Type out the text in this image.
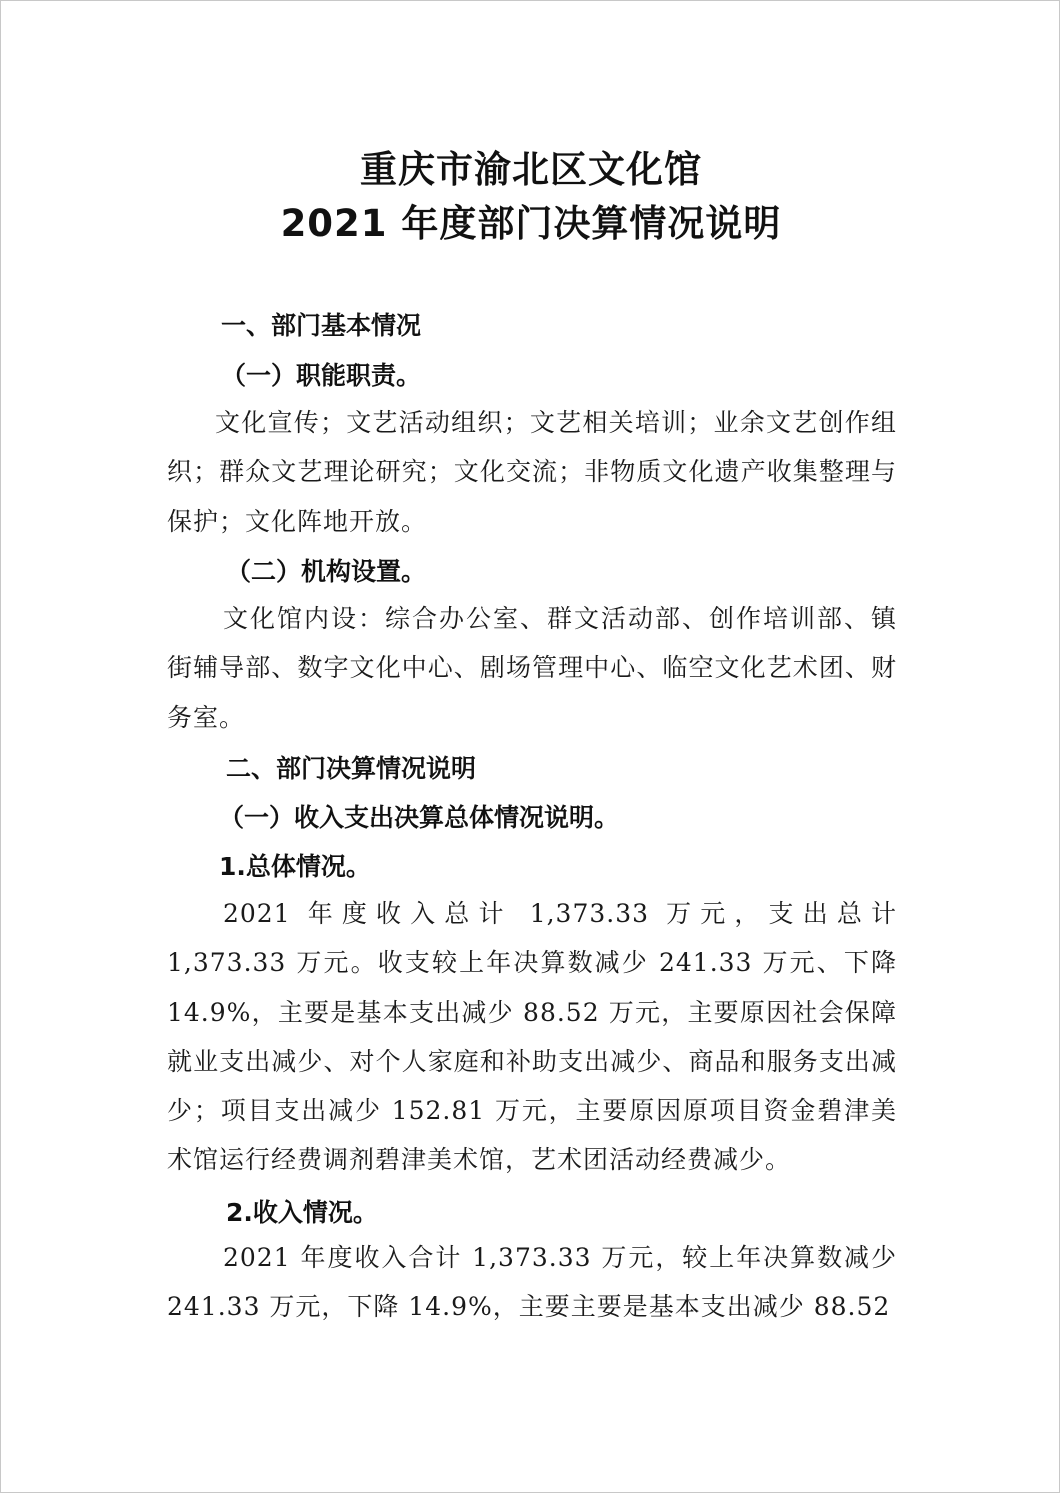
重庆市渝北区文化馆
2021 年度部门决算情况说明
一、部门基本情况
（一）职能职责。
文化宣传；文艺活动组织；文艺相关培训；业余文艺创作组织；群众文艺理论研究；文化交流；非物质文化遗产收集整理与保护；文化阵地开放。
（二）机构设置。
文化馆内设：综合办公室、群文活动部、创作培训部、镇街辅导部、数字文化中心、剧场管理中心、临空文化艺术团、财务室。
二、部门决算情况说明
（一）收入支出决算总体情况说明。
1.总体情况。
2021 年度收入总计 1,373.33 万元，支出总计 1,373.33 万元。收支较上年决算数减少 241.33 万元、下降 14.9%，主要是基本支出减少 88.52 万元，主要原因社会保障就业支出减少、对个人家庭和补助支出减少、商品和服务支出减少；项目支出减少 152.81 万元，主要原因原项目资金碧津美术馆运行经费调剂碧津美术馆，艺术团活动经费减少。
2.收入情况。
2021 年度收入合计 1,373.33 万元，较上年决算数减少 241.33 万元，下降 14.9%，主要主要是基本支出减少 88.52
